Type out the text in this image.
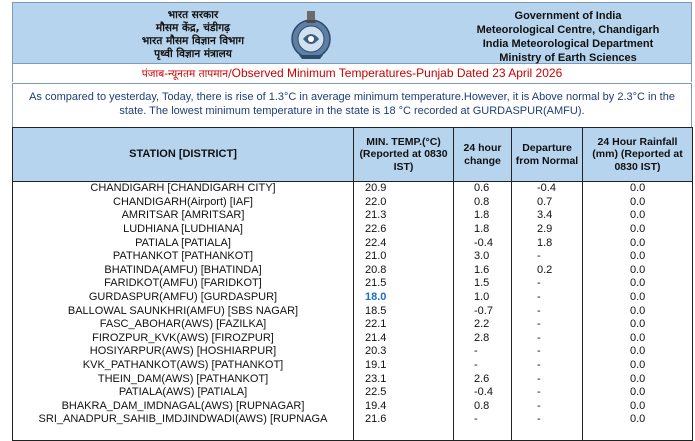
भारत सरकार
मौसम केंद्र, चंडीगढ़
भारत मौसम विज्ञान विभाग
पृथ्वी विज्ञान मंत्रालय
Government of India
Meteorological Centre, Chandigarh
India Meteorological Department
Ministry of Earth Sciences
पंजाब-न्यूनतम तापमान/Observed Minimum Temperatures-Punjab Dated 23 April 2026
As compared to yesterday, Today, there is rise of 1.3°C in average minimum temperature.However, it is Above normal by 2.3°C in the state. The lowest minimum temperature in the state is 18 °C recorded at GURDASPUR(AMFU).
STATION [DISTRICT]	MIN. TEMP.(°C) (Reported at 0830 IST)	24 hour change	Departure from Normal	24 Hour Rainfall (mm) (Reported at 0830 IST)
CHANDIGARH [CHANDIGARH CITY]	20.9	0.6	-0.4	0.0
CHANDIGARH(Airport) [IAF]	22.0	0.8	0.7	0.0
AMRITSAR [AMRITSAR]	21.3	1.8	3.4	0.0
LUDHIANA [LUDHIANA]	22.6	1.8	2.9	0.0
PATIALA [PATIALA]	22.4	-0.4	1.8	0.0
PATHANKOT [PATHANKOT]	21.0	3.0	-	0.0
BHATINDA(AMFU) [BHATINDA]	20.8	1.6	0.2	0.0
FARIDKOT(AMFU) [FARIDKOT]	21.5	1.5	-	0.0
GURDASPUR(AMFU) [GURDASPUR]	18.0	1.0	-	0.0
BALLOWAL SAUNKHRI(AMFU) [SBS NAGAR]	18.5	-0.7	-	0.0
FASC_ABOHAR(AWS) [FAZILKA]	22.1	2.2	-	0.0
FIROZPUR_KVK(AWS) [FIROZPUR]	21.4	2.8	-	0.0
HOSIYARPUR(AWS) [HOSHIARPUR]	20.3	-	-	0.0
KVK_PATHANKOT(AWS) [PATHANKOT]	19.1	-	-	0.0
THEIN_DAM(AWS) [PATHANKOT]	23.1	2.6	-	0.0
PATIALA(AWS) [PATIALA]	22.5	-0.4	-	0.0
BHAKRA_DAM_IMDNAGAL(AWS) [RUPNAGAR]	19.4	0.8	-	0.0
SRI_ANADPUR_SAHIB_IMDJINDWADI(AWS) [RUPNAGA	21.6	-	-	0.0
